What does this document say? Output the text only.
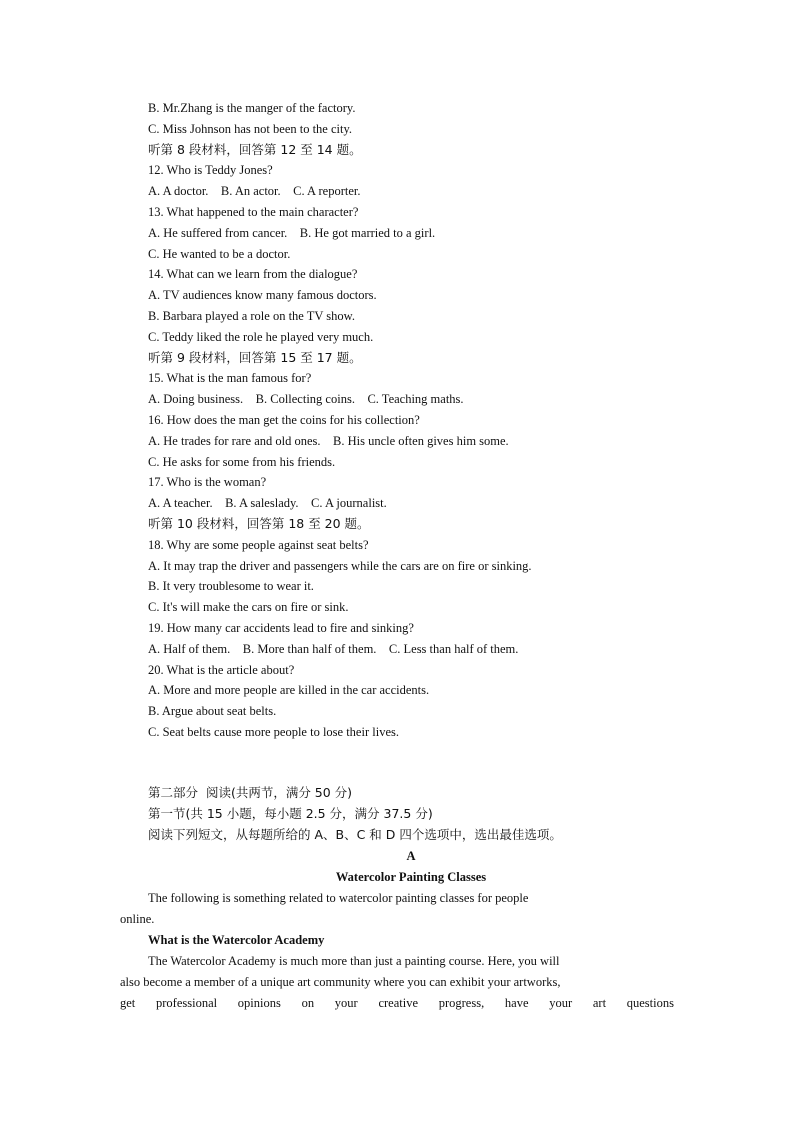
B. Mr.Zhang is the manger of the factory.
C. Miss Johnson has not been to the city.
听第 8 段材料，回答第 12 至 14 题。
12. Who is Teddy Jones?
A. A doctor.    B. An actor.    C. A reporter.
13. What happened to the main character?
A. He suffered from cancer.    B. He got married to a girl.
C. He wanted to be a doctor.
14. What can we learn from the dialogue?
A. TV audiences know many famous doctors.
B. Barbara played a role on the TV show.
C. Teddy liked the role he played very much.
听第 9 段材料，回答第 15 至 17 题。
15. What is the man famous for?
A. Doing business.    B. Collecting coins.    C. Teaching maths.
16. How does the man get the coins for his collection?
A. He trades for rare and old ones.    B. His uncle often gives him some.
C. He asks for some from his friends.
17. Who is the woman?
A. A teacher.    B. A saleslady.    C. A journalist.
听第 10 段材料，回答第 18 至 20 题。
18. Why are some people against seat belts?
A. It may trap the driver and passengers while the cars are on fire or sinking.
B. It very troublesome to wear it.
C. It's will make the cars on fire or sink.
19. How many car accidents lead to fire and sinking?
A. Half of them.    B. More than half of them.    C. Less than half of them.
20. What is the article about?
A. More and more people are killed in the car accidents.
B. Argue about seat belts.
C. Seat belts cause more people to lose their lives.
第二部分  阅读(共两节，满分 50 分)
第一节(共 15 小题，每小题 2.5 分，满分 37.5 分)
阅读下列短文，从每题所给的 A、B、C 和 D 四个选项中，选出最佳选项。
A
Watercolor Painting Classes
The following is something related to watercolor painting classes for people
online.
What is the Watercolor Academy
The Watercolor Academy is much more than just a painting course. Here, you will
also become a member of a unique art community where you can exhibit your artworks,
get professional opinions on your creative progress, have your art questions
